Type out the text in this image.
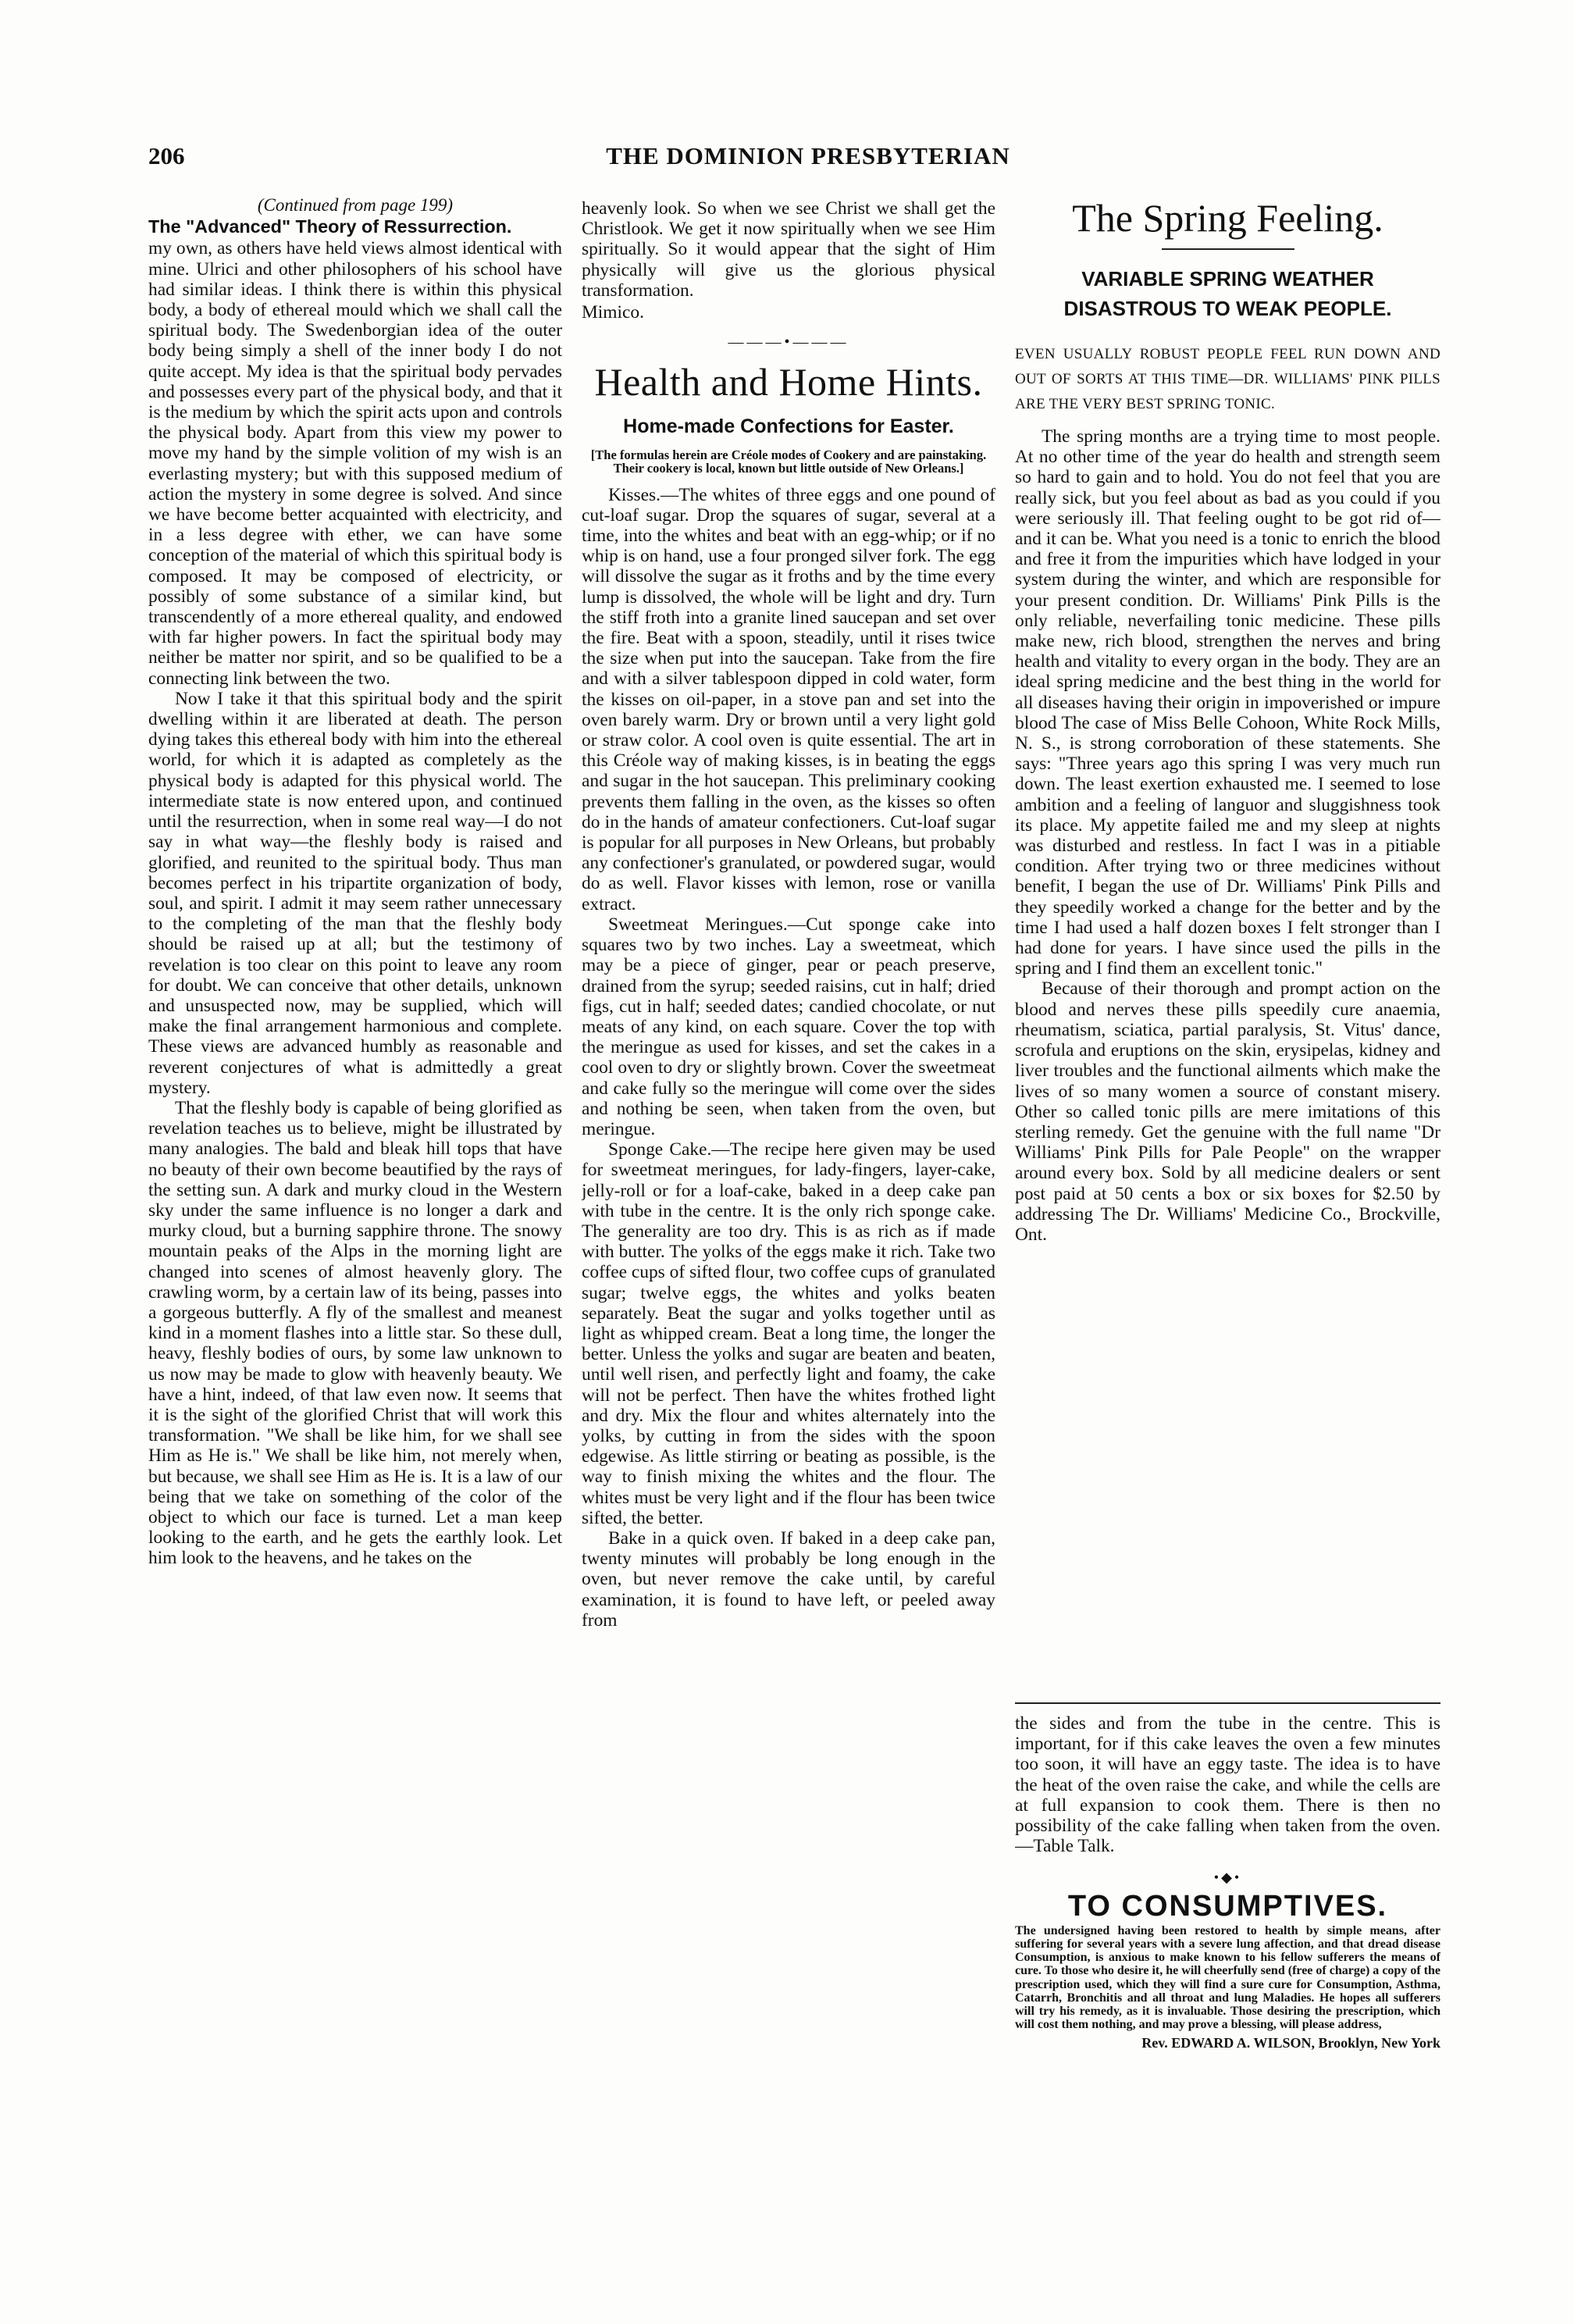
206	THE DOMINION PRESBYTERIAN
(Continued from page 199)
The "Advanced" Theory of Ressurrection.

my own, as others have held views almost identical with mine. Ulrici and other philosophers of his school have had similar ideas. I think there is within this physical body, a body of ethereal mould which we shall call the spiritual body. The Swedenborgian idea of the outer body being simply a shell of the inner body I do not quite accept. My idea is that the spiritual body pervades and possesses every part of the physical body, and that it is the medium by which the spirit acts upon and controls the physical body. Apart from this view my power to move my hand by the simple volition of my wish is an everlasting mystery; but with this supposed medium of action the mystery in some degree is solved. And since we have become better acquainted with electricity, and in a less degree with ether, we can have some conception of the material of which this spiritual body is composed. It may be composed of electricity, or possibly of some substance of a similar kind, but transcendently of a more ethereal quality, and endowed with far higher powers. In fact the spiritual body may neither be matter nor spirit, and so be qualified to be a connecting link between the two.

Now I take it that this spiritual body and the spirit dwelling within it are liberated at death. The person dying takes this ethereal body with him into the ethereal world, for which it is adapted as completely as the physical body is adapted for this physical world. The intermediate state is now entered upon, and continued until the resurrection, when in some real way—I do not say in what way—the fleshly body is raised and glorified, and reunited to the spiritual body. Thus man becomes perfect in his tripartite organization of body, soul, and spirit. I admit it may seem rather unnecessary to the completing of the man that the fleshly body should be raised up at all; but the testimony of revelation is too clear on this point to leave any room for doubt. We can conceive that other details, unknown and unsuspected now, may be supplied, which will make the final arrangement harmonious and complete. These views are advanced humbly as reasonable and reverent conjectures of what is admittedly a great mystery.

That the fleshly body is capable of being glorified as revelation teaches us to believe, might be illustrated by many analogies. The bald and bleak hill tops that have no beauty of their own become beautified by the rays of the setting sun. A dark and murky cloud in the Western sky under the same influence is no longer a dark and murky cloud, but a burning sapphire throne. The snowy mountain peaks of the Alps in the morning light are changed into scenes of almost heavenly glory. The crawling worm, by a certain law of its being, passes into a gorgeous butterfly. A fly of the smallest and meanest kind in a moment flashes into a little star. So these dull, heavy, fleshly bodies of ours, by some law unknown to us now may be made to glow with heavenly beauty. We have a hint, indeed, of that law even now. It seems that it is the sight of the glorified Christ that will work this transformation. "We shall be like him, for we shall see Him as He is." We shall be like him, not merely when, but because, we shall see Him as He is. It is a law of our being that we take on something of the color of the object to which our face is turned. Let a man keep looking to the earth, and he gets the earthly look. Let him look to the heavens, and he takes on the

heavenly look. So when we see Christ we shall get the Christlook. We get it now spiritually when we see Him spiritually. So it would appear that the sight of Him physically will give us the glorious physical transformation.

Mimico.

———•———
Health and Home Hints.
Home-made Confections for Easter.
[The formulas herein are Créole modes of Cookery and are painstaking. Their cookery is local, known but little outside of New Orleans.]

Kisses.—The whites of three eggs and one pound of cut-loaf sugar. Drop the squares of sugar, several at a time, into the whites and beat with an egg-whip; or if no whip is on hand, use a four pronged silver fork. The egg will dissolve the sugar as it froths and by the time every lump is dissolved, the whole will be light and dry. Turn the stiff froth into a granite lined saucepan and set over the fire. Beat with a spoon, steadily, until it rises twice the size when put into the saucepan. Take from the fire and with a silver tablespoon dipped in cold water, form the kisses on oil-paper, in a stove pan and set into the oven barely warm. Dry or brown until a very light gold or straw color. A cool oven is quite essential. The art in this Créole way of making kisses, is in beating the eggs and sugar in the hot saucepan. This preliminary cooking prevents them falling in the oven, as the kisses so often do in the hands of amateur confectioners. Cut-loaf sugar is popular for all purposes in New Orleans, but probably any confectioner's granulated, or powdered sugar, would do as well. Flavor kisses with lemon, rose or vanilla extract.

Sweetmeat Meringues.—Cut sponge cake into squares two by two inches. Lay a sweetmeat, which may be a piece of ginger, pear or peach preserve, drained from the syrup; seeded raisins, cut in half; dried figs, cut in half; seeded dates; candied chocolate, or nut meats of any kind, on each square. Cover the top with the meringue as used for kisses, and set the cakes in a cool oven to dry or slightly brown. Cover the sweetmeat and cake fully so the meringue will come over the sides and nothing be seen, when taken from the oven, but meringue.

Sponge Cake.—The recipe here given may be used for sweetmeat meringues, for lady-fingers, layer-cake, jelly-roll or for a loaf-cake, baked in a deep cake pan with tube in the centre. It is the only rich sponge cake. The generality are too dry. This is as rich as if made with butter. The yolks of the eggs make it rich. Take two coffee cups of sifted flour, two coffee cups of granulated sugar; twelve eggs, the whites and yolks beaten separately. Beat the sugar and yolks together until as light as whipped cream. Beat a long time, the longer the better. Unless the yolks and sugar are beaten and beaten, until well risen, and perfectly light and foamy, the cake will not be perfect. Then have the whites frothed light and dry. Mix the flour and whites alternately into the yolks, by cutting in from the sides with the spoon edgewise. As little stirring or beating as possible, is the way to finish mixing the whites and the flour. The whites must be very light and if the flour has been twice sifted, the better.

Bake in a quick oven. If baked in a deep cake pan, twenty minutes will probably be long enough in the oven, but never remove the cake until, by careful examination, it is found to have left, or peeled away from

The Spring Feeling.
VARIABLE SPRING WEATHER DISASTROUS TO WEAK PEOPLE.
EVEN USUALLY ROBUST PEOPLE FEEL RUN DOWN AND OUT OF SORTS AT THIS TIME—DR. WILLIAMS' PINK PILLS ARE THE VERY BEST SPRING TONIC.

The spring months are a trying time to most people. At no other time of the year do health and strength seem so hard to gain and to hold. You do not feel that you are really sick, but you feel about as bad as you could if you were seriously ill. That feeling ought to be got rid of—and it can be. What you need is a tonic to enrich the blood and free it from the impurities which have lodged in your system during the winter, and which are responsible for your present condition. Dr. Williams' Pink Pills is the only reliable, neverfailing tonic medicine. These pills make new, rich blood, strengthen the nerves and bring health and vitality to every organ in the body. They are an ideal spring medicine and the best thing in the world for all diseases having their origin in impoverished or impure blood The case of Miss Belle Cohoon, White Rock Mills, N. S., is strong corroboration of these statements. She says: "Three years ago this spring I was very much run down. The least exertion exhausted me. I seemed to lose ambition and a feeling of languor and sluggishness took its place. My appetite failed me and my sleep at nights was disturbed and restless. In fact I was in a pitiable condition. After trying two or three medicines without benefit, I began the use of Dr. Williams' Pink Pills and they speedily worked a change for the better and by the time I had used a half dozen boxes I felt stronger than I had done for years. I have since used the pills in the spring and I find them an excellent tonic."

Because of their thorough and prompt action on the blood and nerves these pills speedily cure anaemia, rheumatism, sciatica, partial paralysis, St. Vitus' dance, scrofula and eruptions on the skin, erysipelas, kidney and liver troubles and the functional ailments which make the lives of so many women a source of constant misery. Other so called tonic pills are mere imitations of this sterling remedy. Get the genuine with the full name "Dr Williams' Pink Pills for Pale People" on the wrapper around every box. Sold by all medicine dealers or sent post paid at 50 cents a box or six boxes for $2.50 by addressing The Dr. Williams' Medicine Co., Brockville, Ont.

the sides and from the tube in the centre. This is important, for if this cake leaves the oven a few minutes too soon, it will have an eggy taste. The idea is to have the heat of the oven raise the cake, and while the cells are at full expansion to cook them. There is then no possibility of the cake falling when taken from the oven.—Table Talk.

•◆•
TO CONSUMPTIVES.
The undersigned having been restored to health by simple means, after suffering for several years with a severe lung affection, and that dread disease Consumption, is anxious to make known to his fellow sufferers the means of cure. To those who desire it, he will cheerfully send (free of charge) a copy of the prescription used, which they will find a sure cure for Consumption, Asthma, Catarrh, Bronchitis and all throat and lung Maladies. He hopes all sufferers will try his remedy, as it is invaluable. Those desiring the prescription, which will cost them nothing, and may prove a blessing, will please address,
Rev. EDWARD A. WILSON, Brooklyn, New York
